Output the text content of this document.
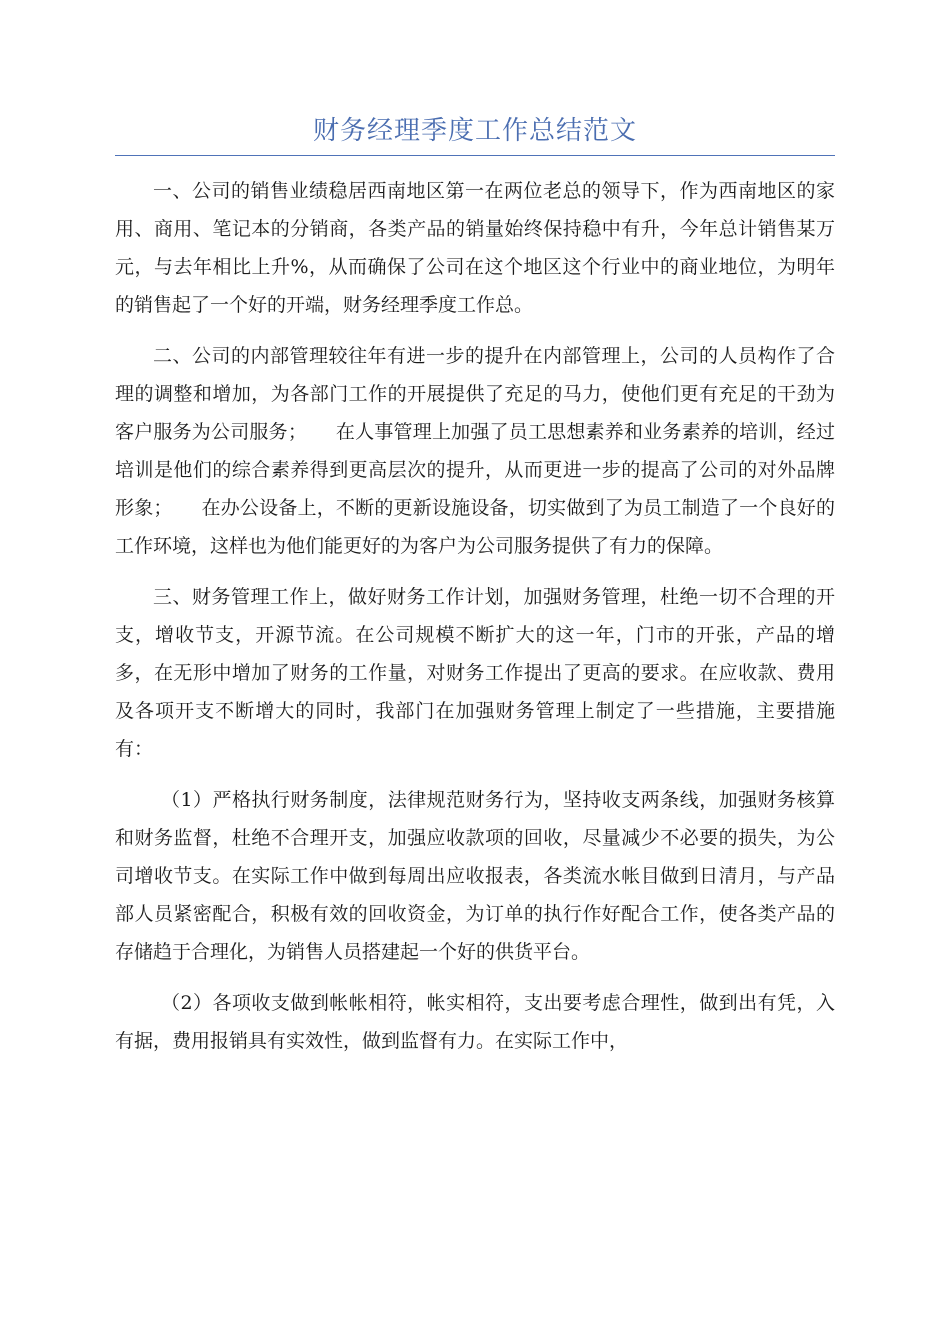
财务经理季度工作总结范文

一、公司的销售业绩稳居西南地区第一在两位老总的领导下，作为西南地区的家用、商用、笔记本的分销商，各类产品的销量始终保持稳中有升，今年总计销售某万元，与去年相比上升%，从而确保了公司在这个地区这个行业中的商业地位，为明年的销售起了一个好的开端，财务经理季度工作总。

二、公司的内部管理较往年有进一步的提升在内部管理上，公司的人员构作了合理的调整和增加，为各部门工作的开展提供了充足的马力，使他们更有充足的干劲为客户服务为公司服务；　　在人事管理上加强了员工思想素养和业务素养的培训，经过培训是他们的综合素养得到更高层次的提升，从而更进一步的提高了公司的对外品牌形象；　　在办公设备上，不断的更新设施设备，切实做到了为员工制造了一个良好的工作环境，这样也为他们能更好的为客户为公司服务提供了有力的保障。

三、财务管理工作上，做好财务工作计划，加强财务管理，杜绝一切不合理的开支，增收节支，开源节流。在公司规模不断扩大的这一年，门市的开张，产品的增多，在无形中增加了财务的工作量，对财务工作提出了更高的要求。在应收款、费用及各项开支不断增大的同时，我部门在加强财务管理上制定了一些措施，主要措施有：

（1）严格执行财务制度，法律规范财务行为，坚持收支两条线，加强财务核算和财务监督，杜绝不合理开支，加强应收款项的回收，尽量减少不必要的损失，为公司增收节支。在实际工作中做到每周出应收报表，各类流水帐目做到日清月，与产品部人员紧密配合，积极有效的回收资金，为订单的执行作好配合工作，使各类产品的存储趋于合理化，为销售人员搭建起一个好的供货平台。

（2）各项收支做到帐帐相符，帐实相符，支出要考虑合理性，做到出有凭，入有据，费用报销具有实效性，做到监督有力。在实际工作中，
